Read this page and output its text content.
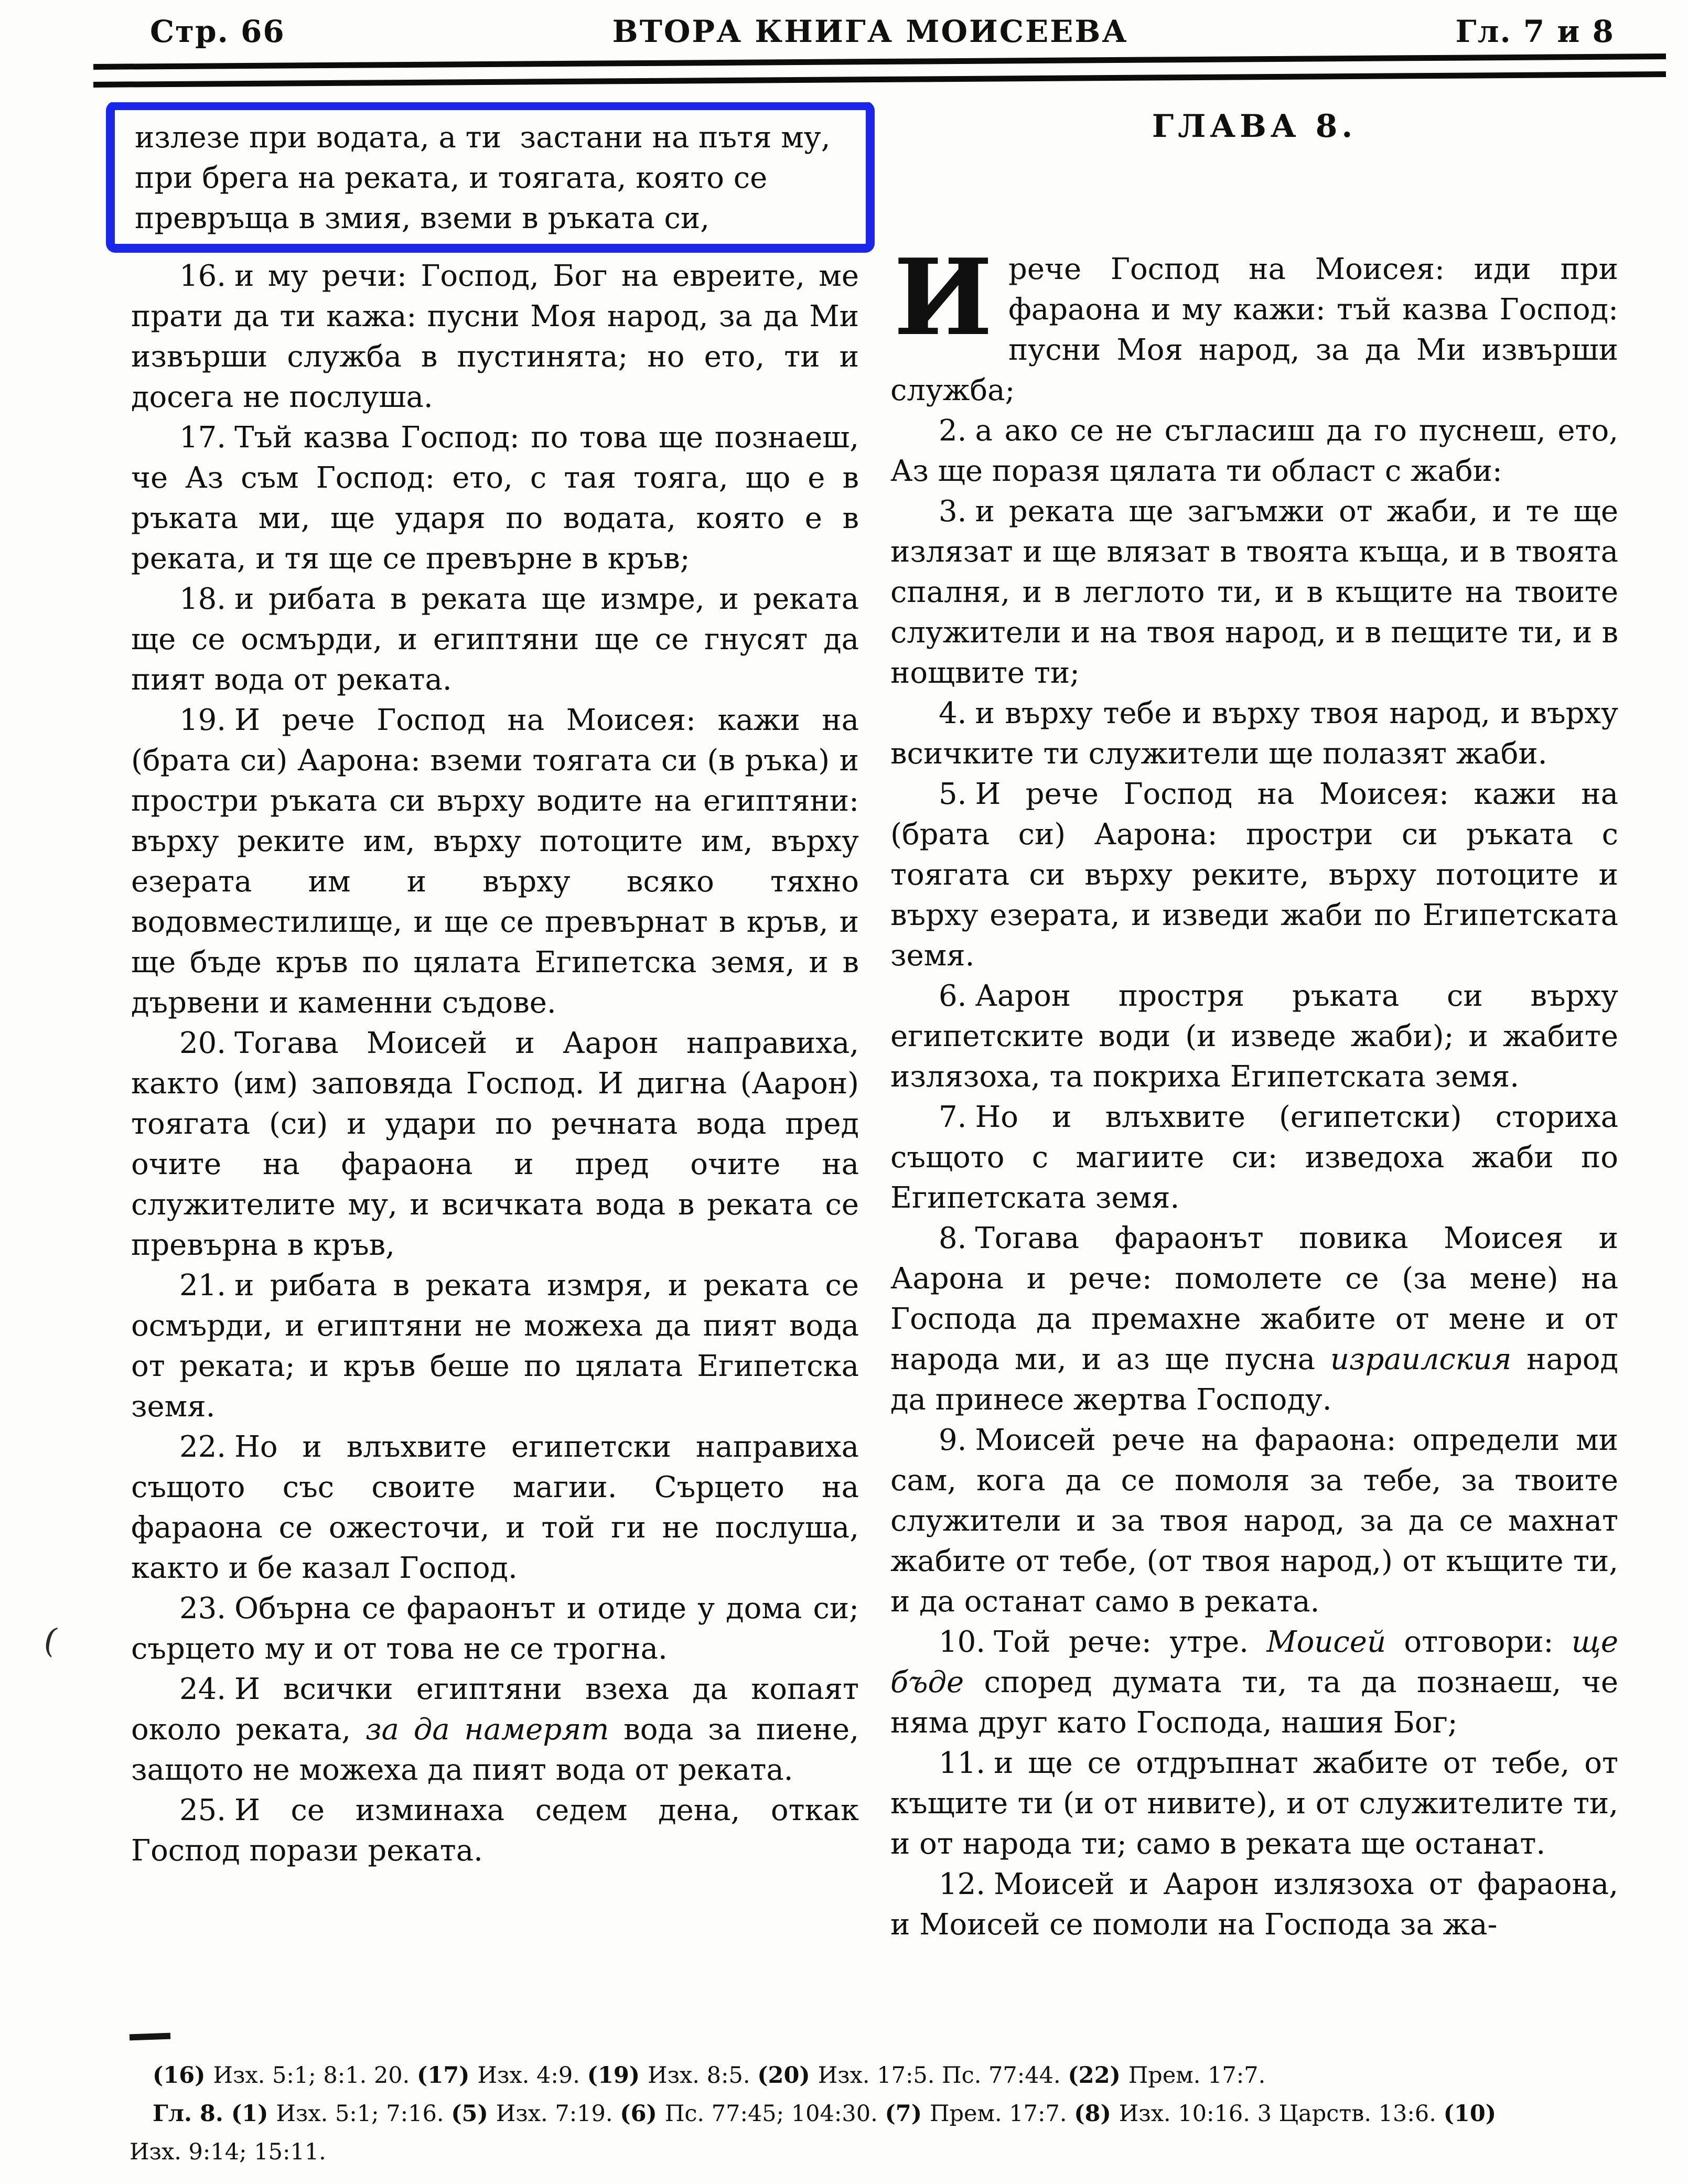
Стр. 66	ВТОРА КНИГА МОИСЕЕВА	Гл. 7 и 8
излезе при водата, а ти  застани на пътя му,
при брега на реката, и тоягата, която се
превръща в змия, вземи в ръката си,

16. и му речи: Господ, Бог на евреите, ме прати да ти кажа: пусни Моя народ, за да Ми извърши служба в пустинята; но ето, ти и досега не послуша.

17. Тъй казва Господ: по това ще познаеш, че Аз съм Господ: ето, с тая тояга, що е в ръката ми, ще ударя по водата, която е в реката, и тя ще се превърне в кръв;

18. и рибата в реката ще измре, и реката ще се осмърди, и египтяни ще се гнусят да пият вода от реката.

19. И рече Господ на Моисея: кажи на (брата си) Аарона: вземи тоягата си (в ръка) и простри ръката си върху водите на египтяни: върху реките им, върху потоците им, върху езерата им и върху всяко тяхно водовместилище, и ще се превърнат в кръв, и ще бъде кръв по цялата Египетска земя, и в дървени и каменни съдове.

20. Тогава Моисей и Аарон направиха, както (им) заповяда Господ. И дигна (Аарон) тоягата (си) и удари по речната вода пред очите на фараона и пред очите на служителите му, и всичката вода в реката се превърна в кръв,

21. и рибата в реката измря, и реката се осмърди, и египтяни не можеха да пият вода от реката; и кръв беше по цялата Египетска земя.

22. Но и влъхвите египетски направиха същото със своите магии. Сърцето на фараона се ожесточи, и той ги не послуша, както и бе казал Господ.

23. Обърна се фараонът и отиде у дома си; сърцето му и от това не се трогна.

24. И всички египтяни взеха да копаят около реката, за да намерят вода за пиене, защото не можеха да пият вода от реката.

25. И се изминаха седем дена, откак Господ порази реката.

ГЛАВА 8.

Ирече Господ на Моисея: иди при фараона и му кажи: тъй казва Господ: пусни Моя народ, за да Ми извърши служба;

2. а ако се не съгласиш да го пуснеш, ето, Аз ще поразя цялата ти област с жаби:

3. и реката ще загъмжи от жаби, и те ще излязат и ще влязат в твоята къща, и в твоята спалня, и в леглото ти, и в къщите на твоите служители и на твоя народ, и в пещите ти, и в нощвите ти;

4. и върху тебе и върху твоя народ, и върху всичките ти служители ще полазят жаби.

5. И рече Господ на Моисея: кажи на (брата си) Аарона: простри си ръката с тоягата си върху реките, върху потоците и върху езерата, и изведи жаби по Египетската земя.

6. Аарон простря ръката си върху египетските води (и изведе жаби); и жабите излязоха, та покриха Египетската земя.

7. Но и влъхвите (египетски) сториха същото с магиите си: изведоха жаби по Египетската земя.

8. Тогава фараонът повика Моисея и Аарона и рече: помолете се (за мене) на Господа да премахне жабите от мене и от народа ми, и аз ще пусна израилския народ да принесе жертва Господу.

9. Моисей рече на фараона: определи ми сам, кога да се помоля за тебе, за твоите служители и за твоя народ, за да се махнат жабите от тебе, (от твоя народ,) от къщите ти, и да останат само в реката.

10. Той рече: утре. Моисей отговори: ще бъде според думата ти, та да познаеш, че няма друг като Господа, нашия Бог;

11. и ще се отдръпнат жабите от тебе, от къщите ти (и от нивите), и от служителите ти, и от народа ти; само в реката ще останат.

12. Моисей и Аарон излязоха от фараона, и Моисей се помоли на Господа за жа-

(

(16) Изх. 5:1; 8:1. 20. (17) Изх. 4:9. (19) Изх. 8:5. (20) Изх. 17:5. Пс. 77:44. (22) Прем. 17:7.

Гл. 8. (1) Изх. 5:1; 7:16. (5) Изх. 7:19. (6) Пс. 77:45; 104:30. (7) Прем. 17:7. (8) Изх. 10:16. 3 Царств. 13:6. (10)

Изх. 9:14; 15:11.
